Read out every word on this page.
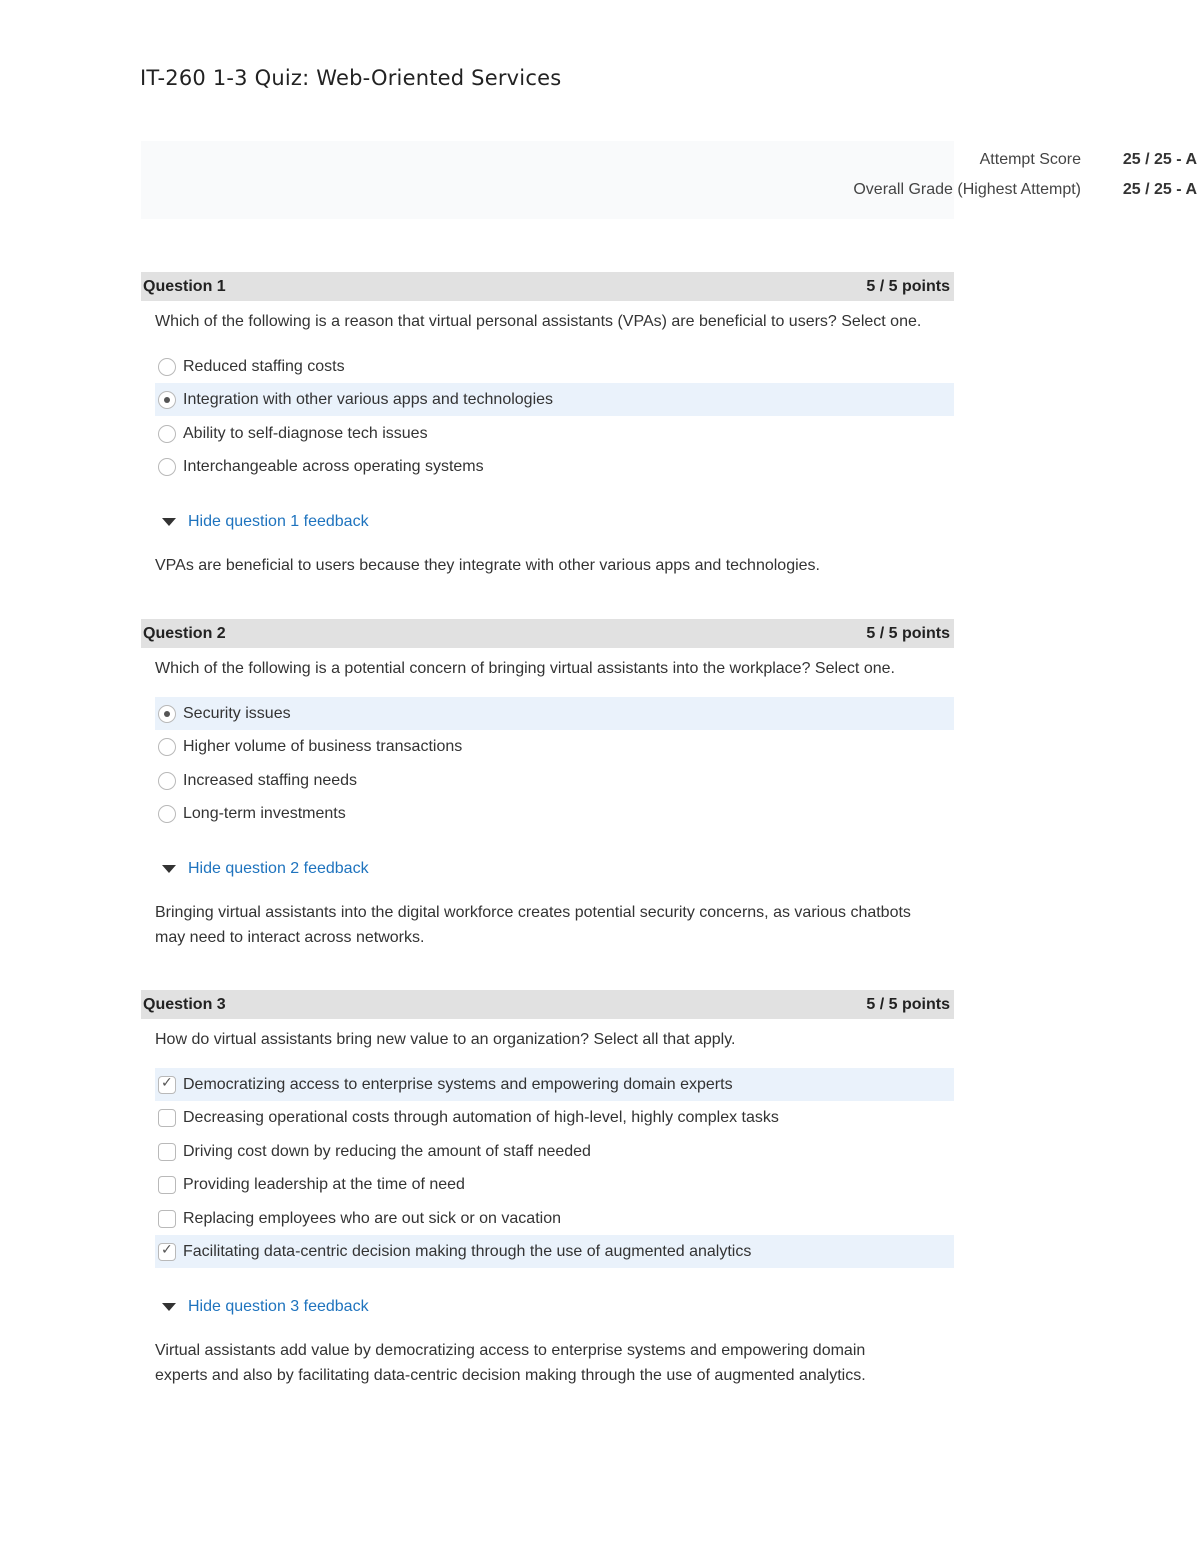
IT-260 1-3 Quiz: Web-Oriented Services
Attempt Score	25 / 25 - A
Overall Grade (Highest Attempt)	25 / 25 - A
Question 1	5 / 5 points
Which of the following is a reason that virtual personal assistants (VPAs) are beneficial to users? Select one.
Reduced staffing costs
Integration with other various apps and technologies
Ability to self-diagnose tech issues
Interchangeable across operating systems
Hide question 1 feedback
VPAs are beneficial to users because they integrate with other various apps and technologies.
Question 2	5 / 5 points
Which of the following is a potential concern of bringing virtual assistants into the workplace? Select one.
Security issues
Higher volume of business transactions
Increased staffing needs
Long-term investments
Hide question 2 feedback
Bringing virtual assistants into the digital workforce creates potential security concerns, as various chatbots may need to interact across networks.
Question 3	5 / 5 points
How do virtual assistants bring new value to an organization? Select all that apply.
✓ Democratizing access to enterprise systems and empowering domain experts
Decreasing operational costs through automation of high-level, highly complex tasks
Driving cost down by reducing the amount of staff needed
Providing leadership at the time of need
Replacing employees who are out sick or on vacation
✓ Facilitating data-centric decision making through the use of augmented analytics
Hide question 3 feedback
Virtual assistants add value by democratizing access to enterprise systems and empowering domain experts and also by facilitating data-centric decision making through the use of augmented analytics.
